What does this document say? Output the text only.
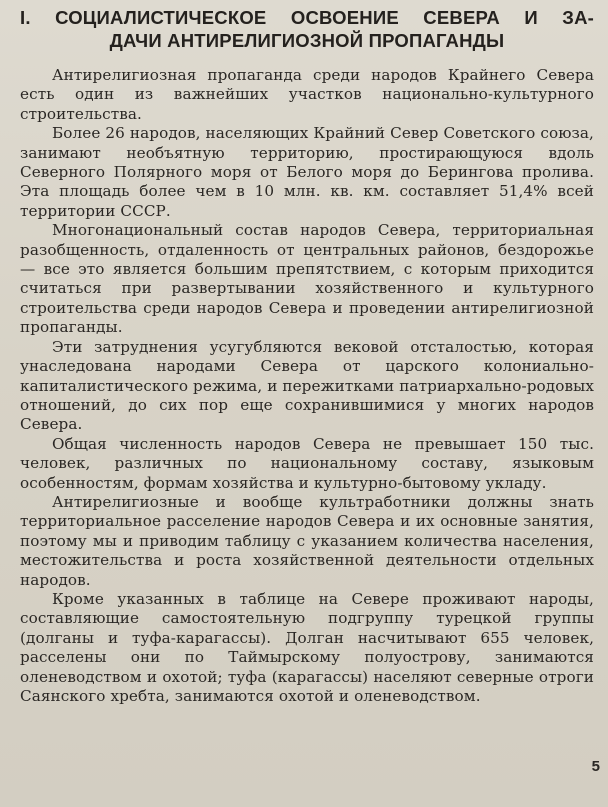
I. СОЦИАЛИСТИЧЕСКОЕ ОСВОЕНИЕ СЕВЕРА И ЗА-
ДАЧИ АНТИРЕЛИГИОЗНОЙ ПРОПАГАНДЫ

Антирелигиозная пропаганда среди народов Крайнего Севера есть один из важнейших участков национально-культурного строительства.

Более 26 народов, населяющих Крайний Север Советского союза, занимают необъятную территорию, простирающуюся вдоль Северного Полярного моря от Белого моря до Берингова пролива. Эта площадь более чем в 10 млн. кв. км. составляет 51,4% всей территории СССР.

Многонациональный состав народов Севера, территориальная разобщенность, отдаленность от центральных районов, бездорожье — все это является большим препятствием, с которым приходится считаться при развертывании хозяйственного и культурного строительства среди народов Севера и проведении антирелигиозной пропаганды.

Эти затруднения усугубляются вековой отсталостью, которая унаследована народами Севера от царского колониально-капиталистического режима, и пережитками патриархально-родовых отношений, до сих пор еще сохранившимися у многих народов Севера.

Общая численность народов Севера не превышает 150 тыс. человек, различных по национальному составу, языковым особенностям, формам хозяйства и культурно-бытовому укладу.

Антирелигиозные и вообще культработники должны знать территориальное расселение народов Севера и их основные занятия, поэтому мы и приводим таблицу с указанием количества населения, местожительства и роста хозяйственной деятельности отдельных народов.

Кроме указанных в таблице на Севере проживают народы, составляющие самостоятельную подгруппу турецкой группы (долганы и туфа-карагассы). Долган насчитывают 655 человек, расселены они по Таймырскому полуострову, занимаются оленеводством и охотой; туфа (карагассы) населяют северные отроги Саянского хребта, занимаются охотой и оленеводством.

5
